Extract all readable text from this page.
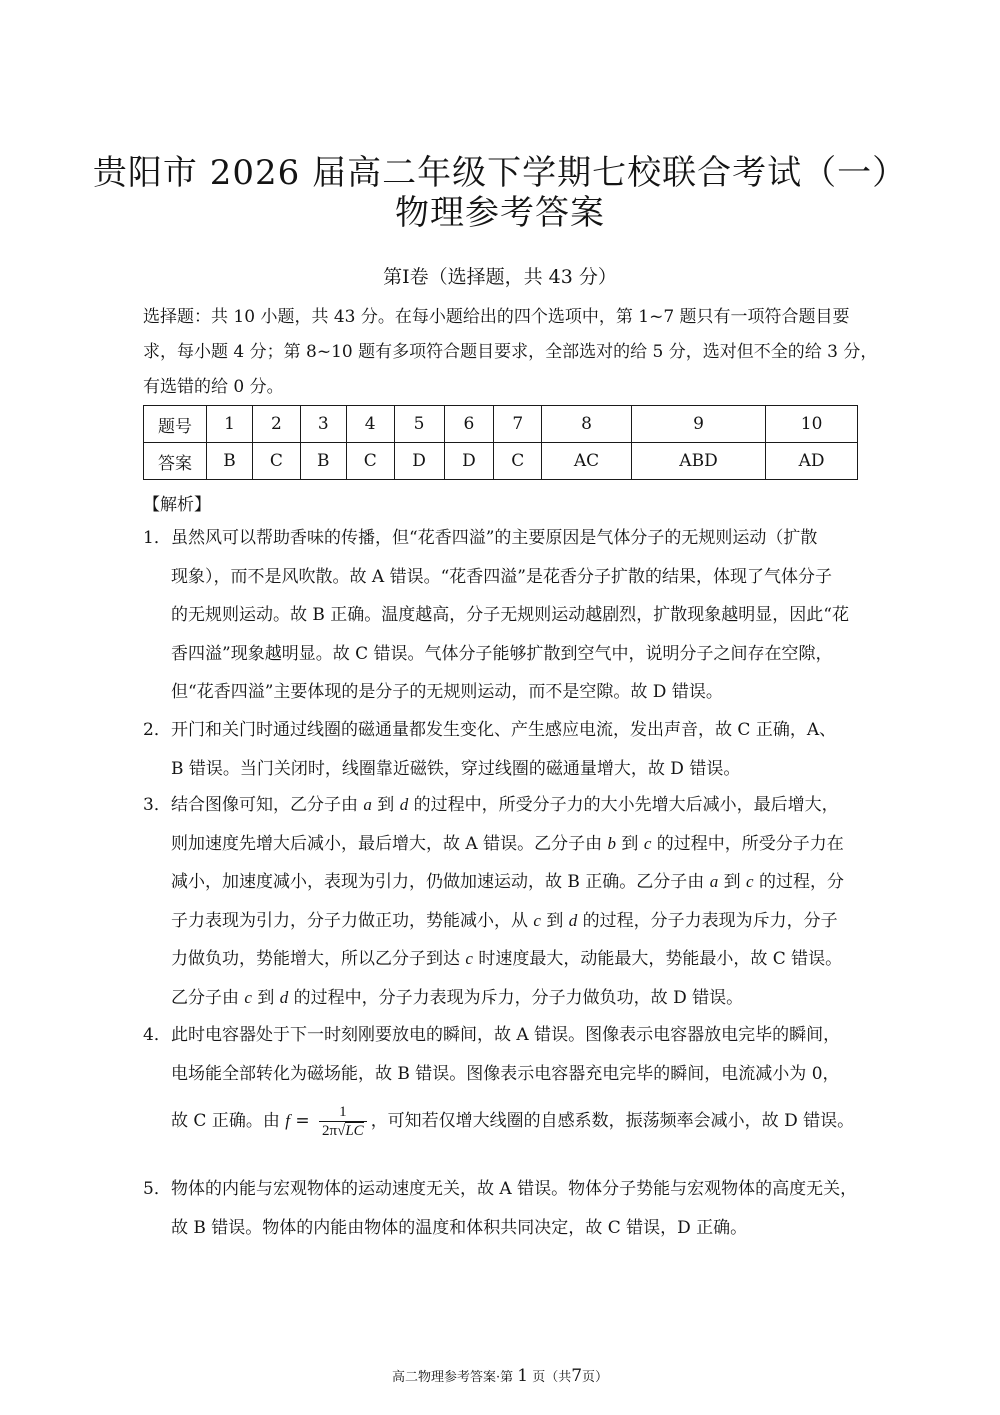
贵阳市 2026 届高二年级下学期七校联合考试（一）
物理参考答案
第Ⅰ卷（选择题，共 43 分）
选择题：共 10 小题，共 43 分。在每小题给出的四个选项中，第 1~7 题只有一项符合题目要
求，每小题 4 分；第 8~10 题有多项符合题目要求，全部选对的给 5 分，选对但不全的给 3 分，
有选错的给 0 分。
题号	1	2	3	4	5	6	7	8	9	10
答案	B	C	B	C	D	D	C	AC	ABD	AD
【解析】
1． 虽然风可以帮助香味的传播，但“花香四溢”的主要原因是气体分子的无规则运动（扩散
现象），而不是风吹散。故 A 错误。“花香四溢”是花香分子扩散的结果，体现了气体分子
的无规则运动。故 B 正确。温度越高，分子无规则运动越剧烈，扩散现象越明显，因此“花
香四溢”现象越明显。故 C 错误。气体分子能够扩散到空气中，说明分子之间存在空隙，
但“花香四溢”主要体现的是分子的无规则运动，而不是空隙。故 D 错误。
2． 开门和关门时通过线圈的磁通量都发生变化、产生感应电流，发出声音，故 C 正确，A、
B 错误。当门关闭时，线圈靠近磁铁，穿过线圈的磁通量增大，故 D 错误。
3． 结合图像可知，乙分子由 a 到 d 的过程中，所受分子力的大小先增大后减小，最后增大，
则加速度先增大后减小，最后增大，故 A 错误。乙分子由 b 到 c 的过程中，所受分子力在
减小，加速度减小，表现为引力，仍做加速运动，故 B 正确。乙分子由 a 到 c 的过程，分
子力表现为引力，分子力做正功，势能减小，从 c 到 d 的过程，分子力表现为斥力，分子
力做负功，势能增大，所以乙分子到达 c 时速度最大，动能最大，势能最小，故 C 错误。
乙分子由 c 到 d 的过程中，分子力表现为斥力，分子力做负功，故 D 错误。
4． 此时电容器处于下一时刻刚要放电的瞬间，故 A 错误。图像表示电容器放电完毕的瞬间，
电场能全部转化为磁场能，故 B 错误。图像表示电容器充电完毕的瞬间，电流减小为 0，
故 C 正确。由 $f = \frac{1}{2\pi√LC}$ ，可知若仅增大线圈的自感系数，振荡频率会减小，故 D 错误。
5． 物体的内能与宏观物体的运动速度无关，故 A 错误。物体分子势能与宏观物体的高度无关，
故 B 错误。物体的内能由物体的温度和体积共同决定，故 C 错误，D 正确。
高二物理参考答案·第 1 页（共7页）
